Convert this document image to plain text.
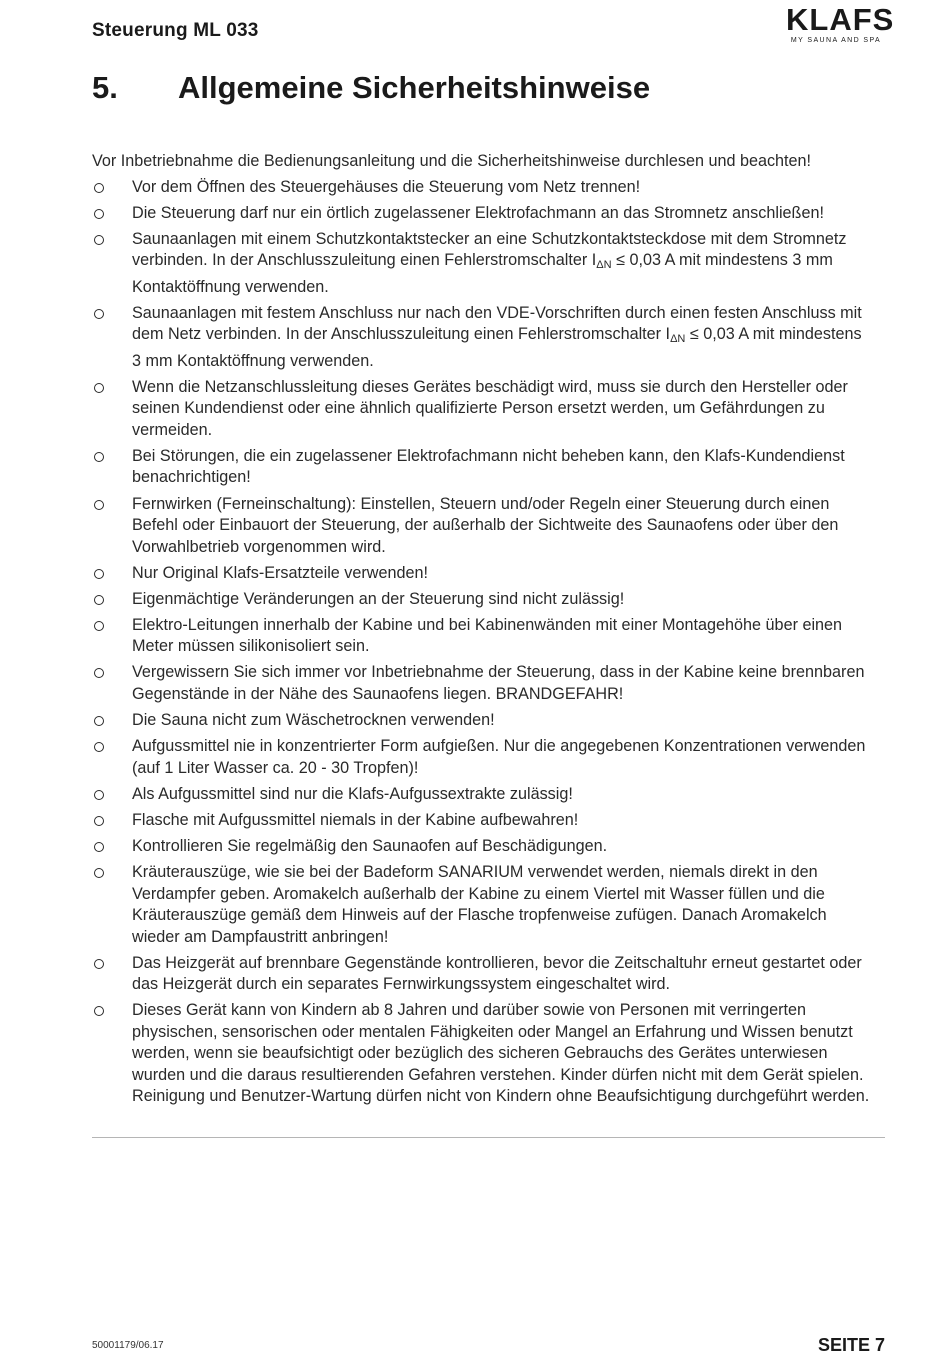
Steuerung ML 033	KLAFS
MY SAUNA AND SPA
5. Allgemeine Sicherheitshinweise

Vor Inbetriebnahme die Bedienungsanleitung und die Sicherheitshinweise durchlesen und beachten!

Vor dem Öffnen des Steuergehäuses die Steuerung vom Netz trennen!
Die Steuerung darf nur ein örtlich zugelassener Elektrofachmann an das Stromnetz anschließen!
Saunaanlagen mit einem Schutzkontaktstecker an eine Schutzkontaktsteckdose mit dem Stromnetz verbinden. In der Anschlusszuleitung einen Fehlerstromschalter $I_{\Delta N} \le 0,03$ A mit mindestens 3 mm Kontaktöffnung verwenden.
Saunaanlagen mit festem Anschluss nur nach den VDE-Vorschriften durch einen festen Anschluss mit dem Netz verbinden. In der Anschlusszuleitung einen Fehlerstromschalter $I_{\Delta N} \le 0,03$ A mit mindestens 3 mm Kontaktöffnung verwenden.
Wenn die Netzanschlussleitung dieses Gerätes beschädigt wird, muss sie durch den Hersteller oder seinen Kundendienst oder eine ähnlich qualifizierte Person ersetzt werden, um Gefährdungen zu vermeiden.
Bei Störungen, die ein zugelassener Elektrofachmann nicht beheben kann, den Klafs-Kundendienst benachrichtigen!
Fernwirken (Ferneinschaltung): Einstellen, Steuern und/oder Regeln einer Steuerung durch einen Befehl oder Einbauort der Steuerung, der außerhalb der Sichtweite des Saunaofens oder über den Vorwahlbetrieb vorgenommen wird.
Nur Original Klafs-Ersatzteile verwenden!
Eigenmächtige Veränderungen an der Steuerung sind nicht zulässig!
Elektro-Leitungen innerhalb der Kabine und bei Kabinenwänden mit einer Montagehöhe über einen Meter müssen silikonisoliert sein.
Vergewissern Sie sich immer vor Inbetriebnahme der Steuerung, dass in der Kabine keine brennbaren Gegenstände in der Nähe des Saunaofens liegen. BRANDGEFAHR!
Die Sauna nicht zum Wäschetrocknen verwenden!
Aufgussmittel nie in konzentrierter Form aufgießen. Nur die angegebenen Konzentrationen verwenden (auf 1 Liter Wasser ca. 20 - 30 Tropfen)!
Als Aufgussmittel sind nur die Klafs-Aufgussextrakte zulässig!
Flasche mit Aufgussmittel niemals in der Kabine aufbewahren!
Kontrollieren Sie regelmäßig den Saunaofen auf Beschädigungen.
Kräuterauszüge, wie sie bei der Badeform SANARIUM verwendet werden, niemals direkt in den Verdampfer geben. Aromakelch außerhalb der Kabine zu einem Viertel mit Wasser füllen und die Kräuterauszüge gemäß dem Hinweis auf der Flasche tropfenweise zufügen. Danach Aromakelch wieder am Dampfaustritt anbringen!
Das Heizgerät auf brennbare Gegenstände kontrollieren, bevor die Zeitschaltuhr erneut gestartet oder das Heizgerät durch ein separates Fernwirkungssystem eingeschaltet wird.
Dieses Gerät kann von Kindern ab 8 Jahren und darüber sowie von Personen mit verringerten physischen, sensorischen oder mentalen Fähigkeiten oder Mangel an Erfahrung und Wissen benutzt werden, wenn sie beaufsichtigt oder bezüglich des sicheren Gebrauchs des Gerätes unterwiesen wurden und die daraus resultierenden Gefahren verstehen. Kinder dürfen nicht mit dem Gerät spielen. Reinigung und Benutzer-Wartung dürfen nicht von Kindern ohne Beaufsichtigung durchgeführt werden.
50001179/06.17	SEITE 7
